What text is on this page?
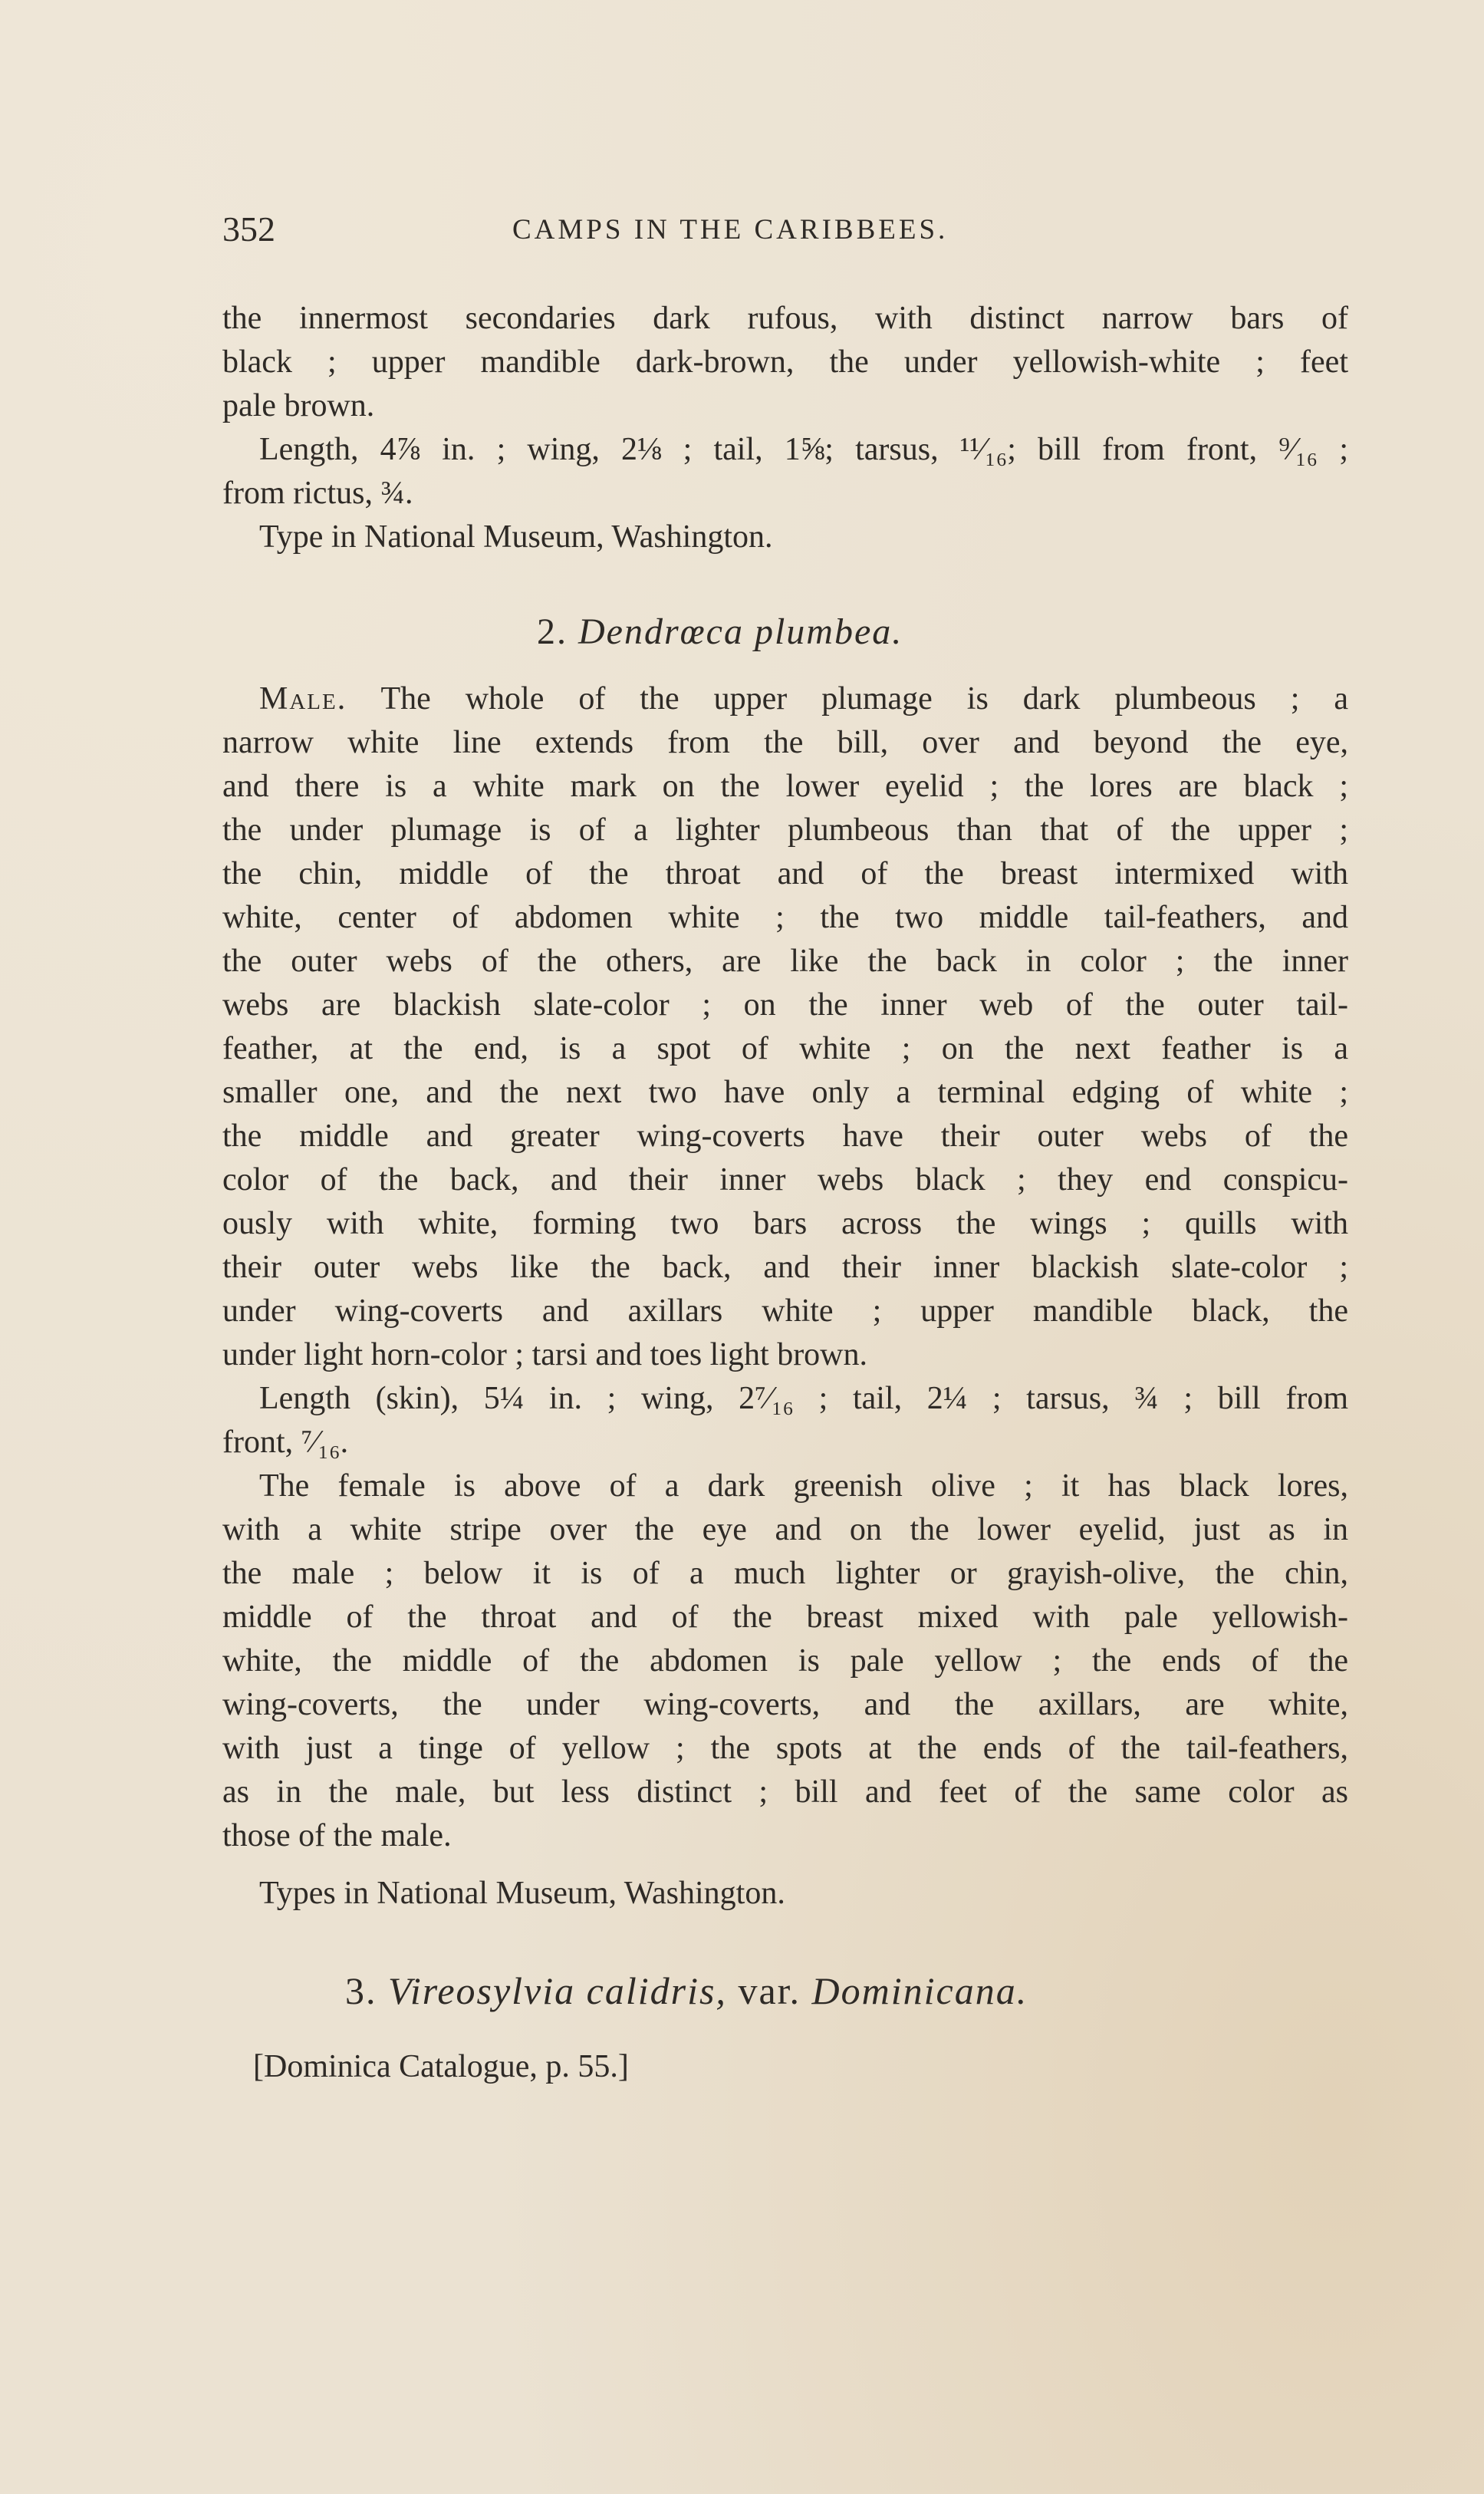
352	CAMPS IN THE CARIBBEES.
the innermost secondaries dark rufous, with distinct narrow bars of
black ; upper mandible dark-brown, the under yellowish-white ; feet
pale brown.
Length, 4⅞ in. ; wing, 2⅛ ; tail, 1⅝; tarsus, ¹¹⁄₁₆; bill from front, ⁹⁄₁₆ ;
from rictus, ¾.
Type in National Museum, Washington.
2. Dendrœca plumbea.
Male. The whole of the upper plumage is dark plumbeous ; a
narrow white line extends from the bill, over and beyond the eye,
and there is a white mark on the lower eyelid ; the lores are black ;
the under plumage is of a lighter plumbeous than that of the upper ;
the chin, middle of the throat and of the breast intermixed with
white, center of abdomen white ; the two middle tail-feathers, and
the outer webs of the others, are like the back in color ; the inner
webs are blackish slate-color ; on the inner web of the outer tail-
feather, at the end, is a spot of white ; on the next feather is a
smaller one, and the next two have only a terminal edging of white ;
the middle and greater wing-coverts have their outer webs of the
color of the back, and their inner webs black ; they end conspicu-
ously with white, forming two bars across the wings ; quills with
their outer webs like the back, and their inner blackish slate-color ;
under wing-coverts and axillars white ; upper mandible black, the
under light horn-color ; tarsi and toes light brown.
Length (skin), 5¼ in. ; wing, 2⁷⁄₁₆ ; tail, 2¼ ; tarsus, ¾ ; bill from
front, ⁷⁄₁₆.
The female is above of a dark greenish olive ; it has black lores,
with a white stripe over the eye and on the lower eyelid, just as in
the male ; below it is of a much lighter or grayish-olive, the chin,
middle of the throat and of the breast mixed with pale yellowish-
white, the middle of the abdomen is pale yellow ; the ends of the
wing-coverts, the under wing-coverts, and the axillars, are white,
with just a tinge of yellow ; the spots at the ends of the tail-feathers,
as in the male, but less distinct ; bill and feet of the same color as
those of the male.
Types in National Museum, Washington.
3. Vireosylvia calidris, var. Dominicana.
[Dominica Catalogue, p. 55.]
